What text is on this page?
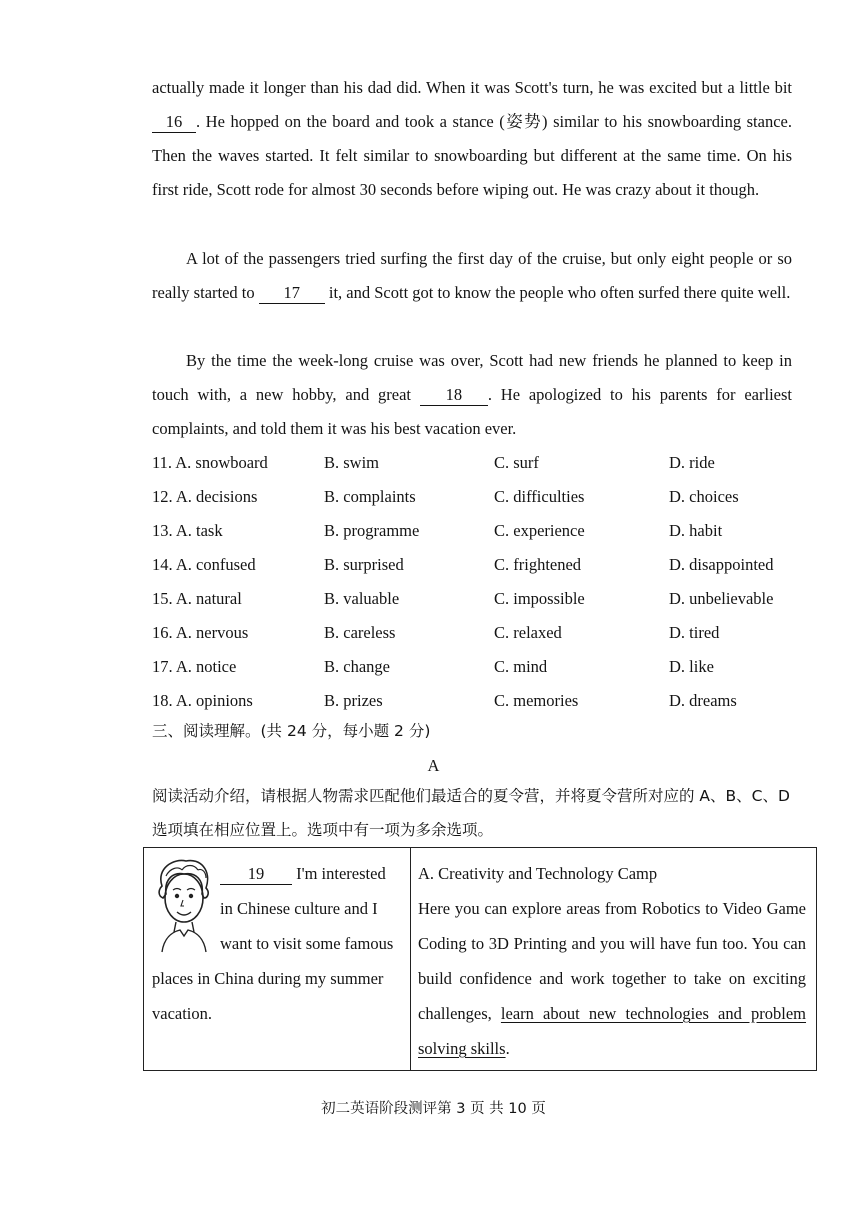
actually made it longer than his dad did. When it was Scott's turn, he was excited but a little bit 16 . He hopped on the board and took a stance (姿势) similar to his snowboarding stance. Then the waves started. It felt similar to snowboarding but different at the same time. On his first ride, Scott rode for almost 30 seconds before wiping out. He was crazy about it though.

A lot of the passengers tried surfing the first day of the cruise, but only eight people or so really started to 17 it, and Scott got to know the people who often surfed there quite well.

By the time the week-long cruise was over, Scott had new friends he planned to keep in touch with, a new hobby, and great 18 . He apologized to his parents for earliest complaints, and told them it was his best vacation ever.

11. A. snowboard	B. swim	C. surf	D. ride
12. A. decisions	B. complaints	C. difficulties	D. choices
13. A. task	B. programme	C. experience	D. habit
14. A. confused	B. surprised	C. frightened	D. disappointed
15. A. natural	B. valuable	C. impossible	D. unbelievable
16. A. nervous	B. careless	C. relaxed	D. tired
17. A. notice	B. change	C. mind	D. like
18. A. opinions	B. prizes	C. memories	D. dreams
三、阅读理解。(共 24 分，每小题 2 分)
A

阅读活动介绍，请根据人物需求匹配他们最适合的夏令营，并将夏令营所对应的 A、B、C、D 选项填在相应位置上。选项中有一项为多余选项。

19 I'm interested in Chinese culture and I want to visit some famous places in China during my summer vacation.
A. Creativity and Technology Camp
Here you can explore areas from Robotics to Video Game Coding to 3D Printing and you will have fun too. You can build confidence and work together to take on exciting challenges, learn about new technologies and problem solving skills.
初二英语阶段测评第 3 页 共 10 页
